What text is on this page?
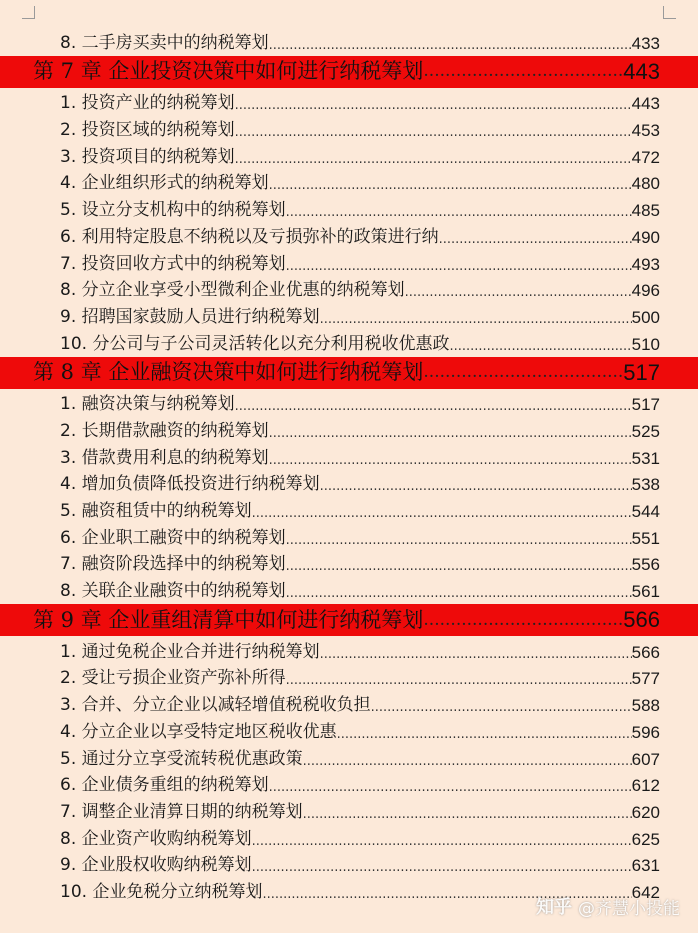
8. 二手房买卖中的纳税筹划 .....	433
第 7 章 企业投资决策中如何进行纳税筹划 .....	443
1. 投资产业的纳税筹划 .....	443
2. 投资区域的纳税筹划 .....	453
3. 投资项目的纳税筹划 .....	472
4. 企业组织形式的纳税筹划 .....	480
5. 设立分支机构中的纳税筹划 .....	485
6. 利用特定股息不纳税以及亏损弥补的政策进行纳 .....	490
7. 投资回收方式中的纳税筹划 .....	493
8. 分立企业享受小型微利企业优惠的纳税筹划 .....	496
9. 招聘国家鼓励人员进行纳税筹划 .....	500
10. 分公司与子公司灵活转化以充分利用税收优惠政 .....	510
第 8 章 企业融资决策中如何进行纳税筹划 .....	517
1. 融资决策与纳税筹划 .....	517
2. 长期借款融资的纳税筹划 .....	525
3. 借款费用利息的纳税筹划 .....	531
4. 增加负债降低投资进行纳税筹划 .....	538
5. 融资租赁中的纳税筹划 .....	544
6. 企业职工融资中的纳税筹划 .....	551
7. 融资阶段选择中的纳税筹划 .....	556
8. 关联企业融资中的纳税筹划 .....	561
第 9 章 企业重组清算中如何进行纳税筹划 .....	566
1. 通过免税企业合并进行纳税筹划 .....	566
2. 受让亏损企业资产弥补所得 .....	577
3. 合并、分立企业以减轻增值税税收负担 .....	588
4. 分立企业以享受特定地区税收优惠 .....	596
5. 通过分立享受流转税优惠政策 .....	607
6. 企业债务重组的纳税筹划 .....	612
7. 调整企业清算日期的纳税筹划 .....	620
8. 企业资产收购纳税筹划 .....	625
9. 企业股权收购纳税筹划 .....	631
10. 企业免税分立纳税筹划 .....	642
知乎 @齐慧小投能
